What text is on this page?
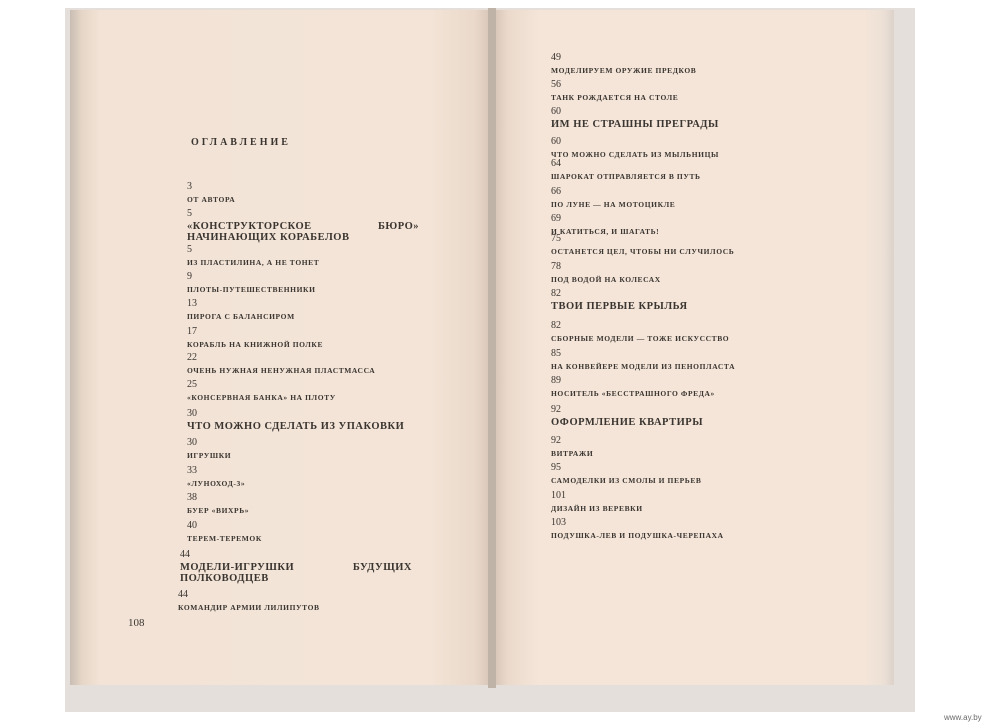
ОГЛАВЛЕНИЕ
3
ОТ АВТОРА
5
«КОНСТРУКТОРСКОЕ БЮРО» НАЧИНАЮЩИХ КОРАБЕЛОВ
5
ИЗ ПЛАСТИЛИНА, А НЕ ТОНЕТ
9
ПЛОТЫ-ПУТЕШЕСТВЕННИКИ
13
ПИРОГА С БАЛАНСИРОМ
17
КОРАБЛЬ НА КНИЖНОЙ ПОЛКЕ
22
ОЧЕНЬ НУЖНАЯ НЕНУЖНАЯ ПЛАСТМАССА
25
«КОНСЕРВНАЯ БАНКА» НА ПЛОТУ
30
ЧТО МОЖНО СДЕЛАТЬ ИЗ УПАКОВКИ
30
ИГРУШКИ
33
«ЛУНОХОД-3»
38
БУЕР «ВИХРЬ»
40
ТЕРЕМ-ТЕРЕМОК
44
МОДЕЛИ-ИГРУШКИ БУДУЩИХ ПОЛКОВОДЦЕВ
44
КОМАНДИР АРМИИ ЛИЛИПУТОВ
49
МОДЕЛИРУЕМ ОРУЖИЕ ПРЕДКОВ
56
ТАНК РОЖДАЕТСЯ НА СТОЛЕ
60
ИМ НЕ СТРАШНЫ ПРЕГРАДЫ
60
ЧТО МОЖНО СДЕЛАТЬ ИЗ МЫЛЬНИЦЫ
64
ШАРОКАТ ОТПРАВЛЯЕТСЯ В ПУТЬ
66
ПО ЛУНЕ — НА МОТОЦИКЛЕ
69
И КАТИТЬСЯ, И ШАГАТЬ!
75
ОСТАНЕТСЯ ЦЕЛ, ЧТОБЫ НИ СЛУЧИЛОСЬ
78
ПОД ВОДОЙ НА КОЛЕСАХ
82
ТВОИ ПЕРВЫЕ КРЫЛЬЯ
82
СБОРНЫЕ МОДЕЛИ — ТОЖЕ ИСКУССТВО
85
НА КОНВЕЙЕРЕ МОДЕЛИ ИЗ ПЕНОПЛАСТА
89
НОСИТЕЛЬ «БЕССТРАШНОГО ФРЕДА»
92
ОФОРМЛЕНИЕ КВАРТИРЫ
92
ВИТРАЖИ
95
САМОДЕЛКИ ИЗ СМОЛЫ И ПЕРЬЕВ
101
ДИЗАЙН ИЗ ВЕРЕВКИ
103
ПОДУШКА-ЛЕВ И ПОДУШКА-ЧЕРЕПАХА
108
www.ay.by
